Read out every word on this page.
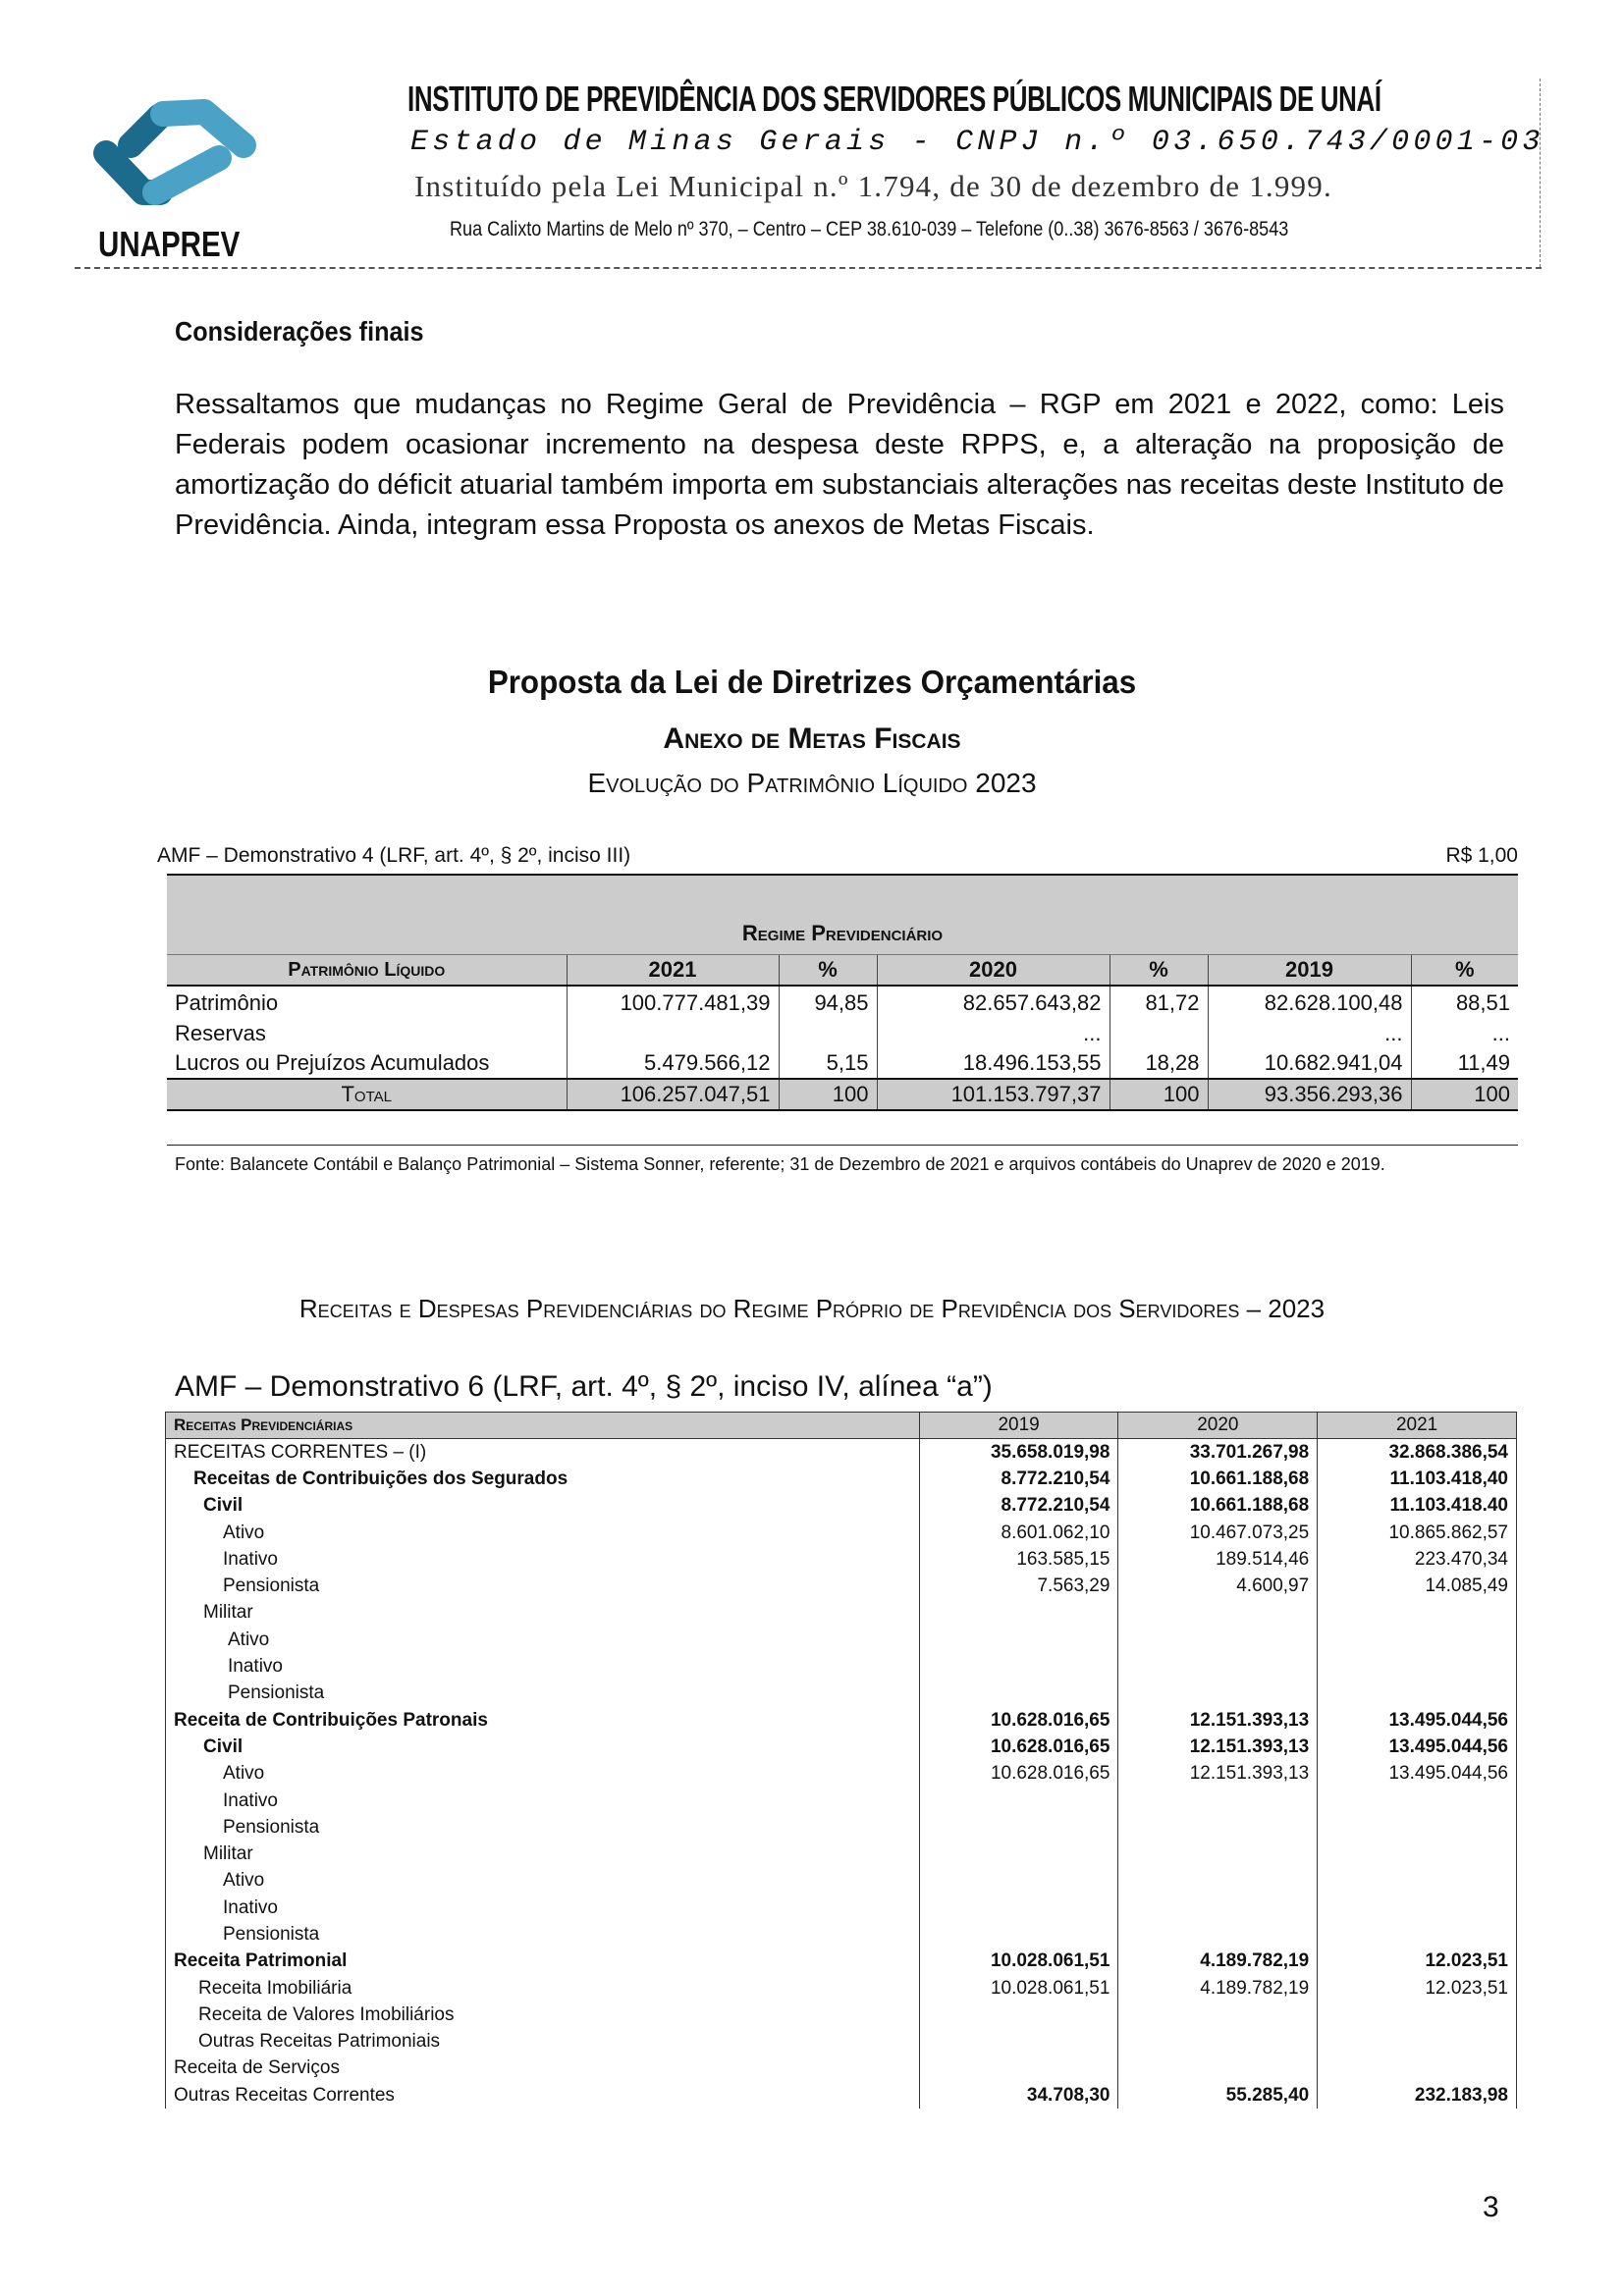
UNAPREV
INSTITUTO DE PREVIDÊNCIA DOS SERVIDORES PÚBLICOS MUNICIPAIS DE UNAÍ
Estado de Minas Gerais - CNPJ n.º 03.650.743/0001-03
Instituído pela Lei Municipal n.º 1.794, de 30 de dezembro de 1.999.
Rua Calixto Martins de Melo nº 370, – Centro – CEP 38.610-039 – Telefone (0..38) 3676-8563 / 3676-8543
Considerações finais
Ressaltamos que mudanças no Regime Geral de Previdência – RGP em 2021 e 2022, como: Leis Federais podem ocasionar incremento na despesa deste RPPS, e, a alteração na proposição de amortização do déficit atuarial também importa em substanciais alterações nas receitas deste Instituto de Previdência. Ainda, integram essa Proposta os anexos de Metas Fiscais.
Proposta da Lei de Diretrizes Orçamentárias
Anexo de Metas Fiscais
Evolução do Patrimônio Líquido 2023
AMF – Demonstrativo 4 (LRF, art. 4º, § 2º, inciso III)	R$ 1,00
Regime Previdenciário						
Patrimônio Líquido	2021	%	2020	%	2019	%
Patrimônio	100.777.481,39	94,85	82.657.643,82	81,72	82.628.100,48	88,51
Reservas			...		...	...
Lucros ou Prejuízos Acumulados	5.479.566,12	5,15	18.496.153,55	18,28	10.682.941,04	11,49
Total	106.257.047,51	100	101.153.797,37	100	93.356.293,36	100
Fonte: Balancete Contábil e Balanço Patrimonial – Sistema Sonner, referente; 31 de Dezembro de 2021 e arquivos contábeis do Unaprev de 2020 e 2019.
Receitas e Despesas Previdenciárias do Regime Próprio de Previdência dos Servidores – 2023
AMF – Demonstrativo 6 (LRF, art. 4º, § 2º, inciso IV, alínea “a”)
Receitas Previdenciárias	2019	2020	2021
RECEITAS CORRENTES – (I)	35.658.019,98	33.701.267,98	32.868.386,54
Receitas de Contribuições dos Segurados	8.772.210,54	10.661.188,68	11.103.418,40
Civil	8.772.210,54	10.661.188,68	11.103.418.40
Ativo	8.601.062,10	10.467.073,25	10.865.862,57
Inativo	163.585,15	189.514,46	223.470,34
Pensionista	7.563,29	4.600,97	14.085,49
Militar			
Ativo			
Inativo			
Pensionista			
Receita de Contribuições Patronais	10.628.016,65	12.151.393,13	13.495.044,56
Civil	10.628.016,65	12.151.393,13	13.495.044,56
Ativo	10.628.016,65	12.151.393,13	13.495.044,56
Inativo			
Pensionista			
Militar			
Ativo			
Inativo			
Pensionista			
Receita Patrimonial	10.028.061,51	4.189.782,19	12.023,51
Receita Imobiliária	10.028.061,51	4.189.782,19	12.023,51
Receita de Valores Imobiliários			
Outras Receitas Patrimoniais			
Receita de Serviços			
Outras Receitas Correntes	34.708,30	55.285,40	232.183,98
3
